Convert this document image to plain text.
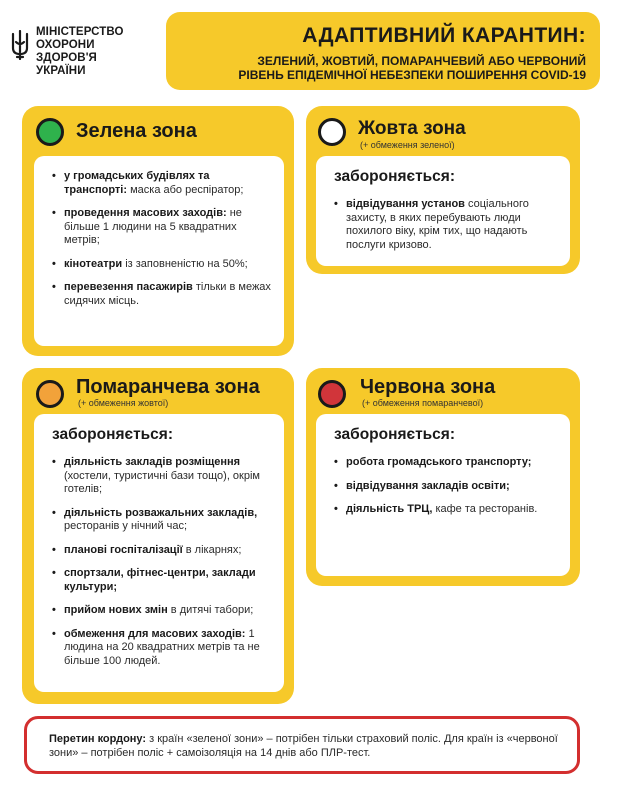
МІНІСТЕРСТВО
ОХОРОНИ
ЗДОРОВ'Я
УКРАЇНИ
АДАПТИВНИЙ КАРАНТИН:
ЗЕЛЕНИЙ, ЖОВТИЙ, ПОМАРАНЧЕВИЙ АБО ЧЕРВОНИЙ
РІВЕНЬ ЕПІДЕМІЧНОЇ НЕБЕЗПЕКИ ПОШИРЕННЯ COVID-19
Зелена зона
• у громадських будівлях та транспорті: маска або респіратор;
• проведення масових заходів: не більше 1 людини на 5 квадратних метрів;
• кінотеатри із заповненістю на 50%;
• перевезення пасажирів тільки в межах сидячих місць.
Жовта зона
(+ обмеження зеленої)
забороняється:
• відвідування установ соціального захисту, в яких перебувають люди похилого віку, крім тих, що надають послуги кризово.
Помаранчева зона
(+ обмеження жовтої)
забороняється:
• діяльність закладів розміщення (хостели, туристичні бази тощо), окрім готелів;
• діяльність розважальних закладів, ресторанів у нічний час;
• планові госпіталізації в лікарнях;
• спортзали, фітнес-центри, заклади культури;
• прийом нових змін в дитячі табори;
• обмеження для масових заходів: 1 людина на 20 квадратних метрів та не більше 100 людей.
Червона зона
(+ обмеження помаранчевої)
забороняється:
• робота громадського транспорту;
• відвідування закладів освіти;
• діяльність ТРЦ, кафе та ресторанів.
Перетин кордону: з країн «зеленої зони» – потрібен тільки страховий поліс. Для країн із «червоної зони» – потрібен поліс + самоізоляція на 14 днів або ПЛР-тест.
